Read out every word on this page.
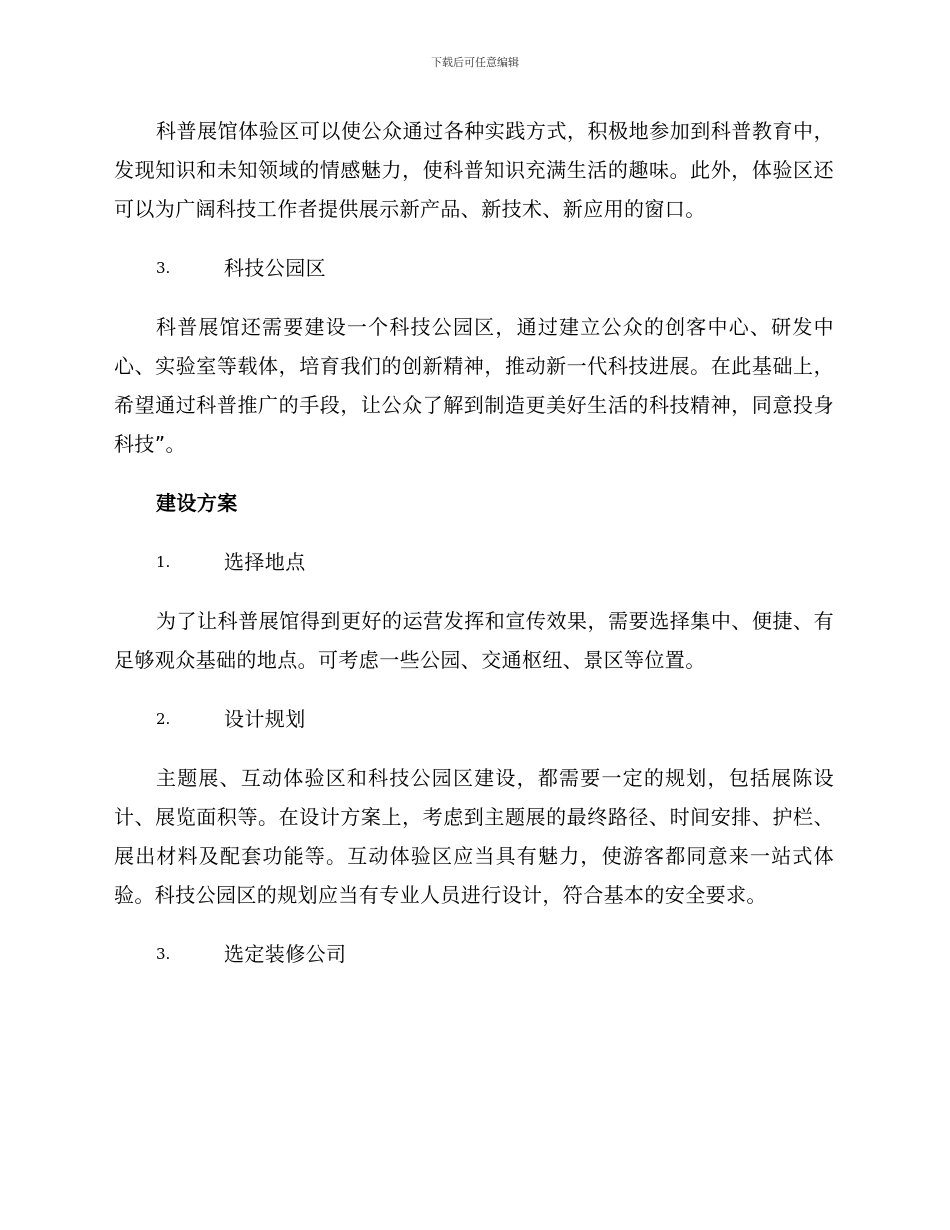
下载后可任意编辑

科普展馆体验区可以使公众通过各种实践方式，积极地参加到科普教育中，发现知识和未知领域的情感魅力，使科普知识充满生活的趣味。此外，体验区还可以为广阔科技工作者提供展示新产品、新技术、新应用的窗口。

3.	科技公园区

科普展馆还需要建设一个科技公园区，通过建立公众的创客中心、研发中心、实验室等载体，培育我们的创新精神，推动新一代科技进展。在此基础上，希望通过科普推广的手段，让公众了解到制造更美好生活的科技精神，同意投身科技”。

建设方案
1.	选择地点

为了让科普展馆得到更好的运营发挥和宣传效果，需要选择集中、便捷、有足够观众基础的地点。可考虑一些公园、交通枢纽、景区等位置。

2.	设计规划

主题展、互动体验区和科技公园区建设，都需要一定的规划，包括展陈设计、展览面积等。在设计方案上，考虑到主题展的最终路径、时间安排、护栏、展出材料及配套功能等。互动体验区应当具有魅力，使游客都同意来一站式体验。科技公园区的规划应当有专业人员进行设计，符合基本的安全要求。

3.	选定装修公司
